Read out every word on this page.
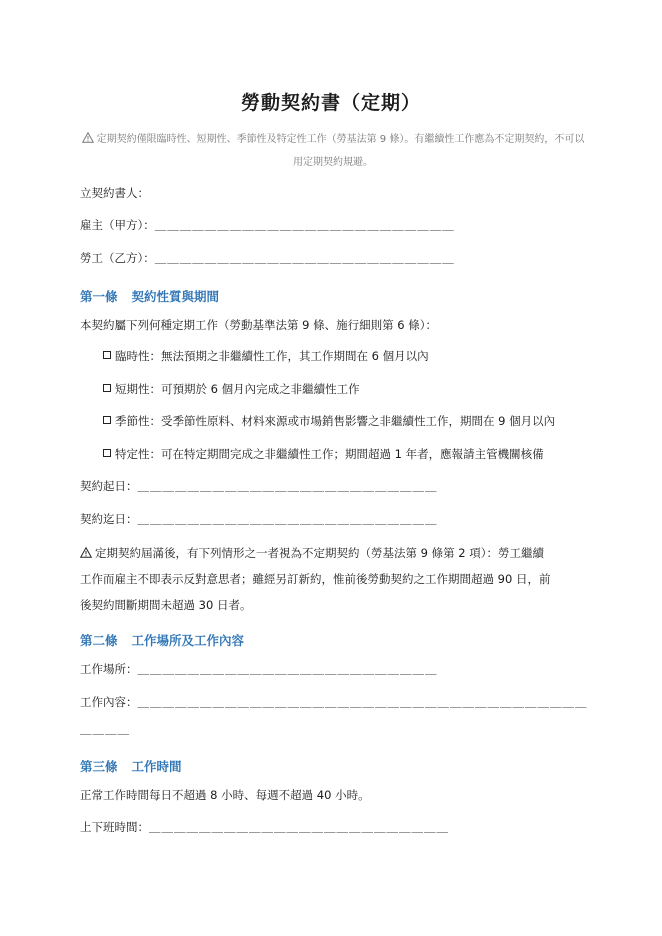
勞動契約書（定期）
定期契約僅限臨時性、短期性、季節性及特定性工作（勞基法第 9 條）。有繼續性工作應為不定期契約，不可以用定期契約規避。
立契約書人：
雇主（甲方）：＿＿＿＿＿＿＿＿＿＿＿＿＿＿＿＿＿＿＿＿＿＿＿＿
勞工（乙方）：＿＿＿＿＿＿＿＿＿＿＿＿＿＿＿＿＿＿＿＿＿＿＿＿
第一條 契約性質與期間
本契約屬下列何種定期工作（勞動基準法第 9 條、施行細則第 6 條）：
臨時性：無法預期之非繼續性工作，其工作期間在 6 個月以內
短期性：可預期於 6 個月內完成之非繼續性工作
季節性：受季節性原料、材料來源或市場銷售影響之非繼續性工作，期間在 9 個月以內
特定性：可在特定期間完成之非繼續性工作；期間超過 1 年者，應報請主管機關核備
契約起日：＿＿＿＿＿＿＿＿＿＿＿＿＿＿＿＿＿＿＿＿＿＿＿＿
契約迄日：＿＿＿＿＿＿＿＿＿＿＿＿＿＿＿＿＿＿＿＿＿＿＿＿
定期契約屆滿後，有下列情形之一者視為不定期契約（勞基法第 9 條第 2 項）：勞工繼續
工作而雇主不即表示反對意思者；雖經另訂新約，惟前後勞動契約之工作期間超過 90 日，前
後契約間斷期間未超過 30 日者。
第二條 工作場所及工作內容
工作場所：＿＿＿＿＿＿＿＿＿＿＿＿＿＿＿＿＿＿＿＿＿＿＿＿
工作內容：＿＿＿＿＿＿＿＿＿＿＿＿＿＿＿＿＿＿＿＿＿＿＿＿＿＿＿＿＿＿＿＿＿＿＿＿
＿＿＿＿
第三條 工作時間
正常工作時間每日不超過 8 小時、每週不超過 40 小時。
上下班時間：＿＿＿＿＿＿＿＿＿＿＿＿＿＿＿＿＿＿＿＿＿＿＿＿
